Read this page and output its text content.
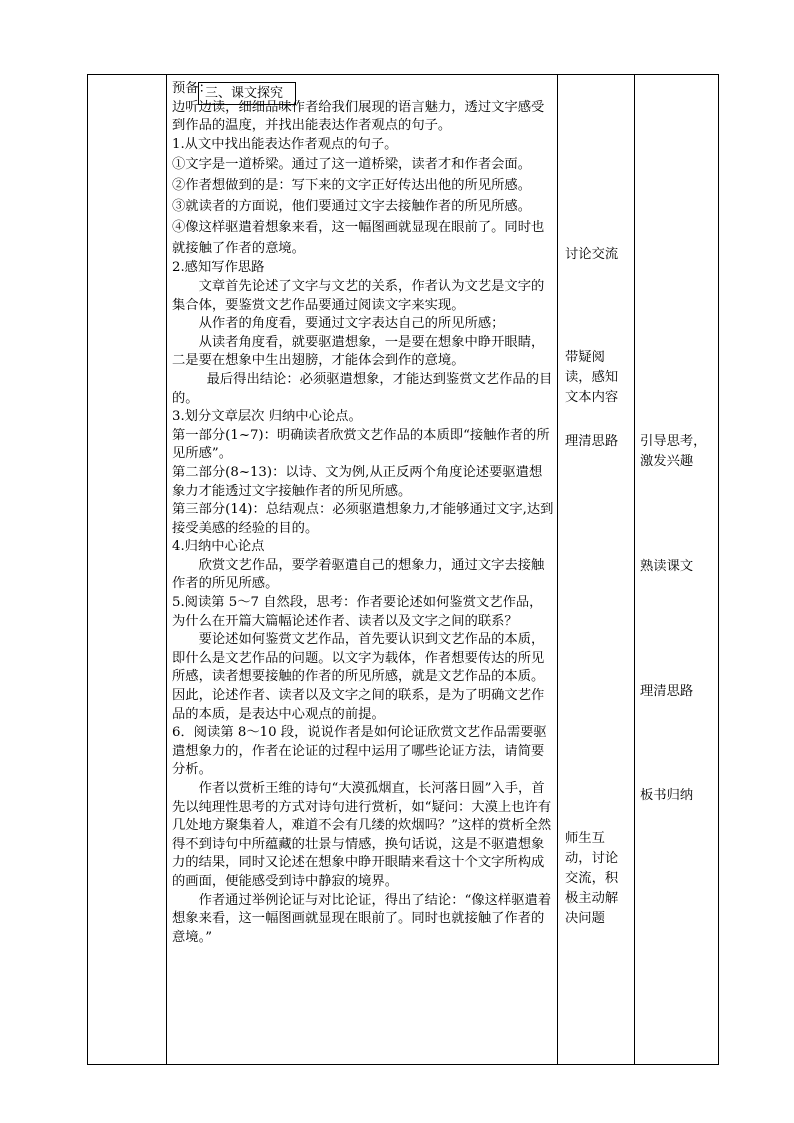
三、课文探究

预备：

边听边读，细细品味作者给我们展现的语言魅力，透过文字感受到作品的温度，并找出能表达作者观点的句子。

1.从文中找出能表达作者观点的句子。

①文字是一道桥梁。通过了这一道桥梁，读者才和作者会面。

②作者想做到的是：写下来的文字正好传达出他的所见所感。

③就读者的方面说，他们要通过文字去接触作者的所见所感。

④像这样驱遣着想象来看，这一幅图画就显现在眼前了。同时也就接触了作者的意境。

2.感知写作思路

文章首先论述了文字与文艺的关系，作者认为文艺是文字的集合体，要鉴赏文艺作品要通过阅读文字来实现。

从作者的角度看，要通过文字表达自己的所见所感；

从读者角度看，就要驱遣想象，一是要在想象中睁开眼睛，二是要在想象中生出翅膀，才能体会到作的意境。

最后得出结论：必须驱遣想象，才能达到鉴赏文艺作品的目的。

3.划分文章层次 归纳中心论点。

第一部分(1~7)：明确读者欣赏文艺作品的本质即“接触作者的所见所感”。

第二部分(8~13)：以诗、文为例,从正反两个角度论述要驱遣想象力才能透过文字接触作者的所见所感。

第三部分(14)：总结观点：必须驱遣想象力,才能够通过文字,达到接受美感的经验的目的。

4.归纳中心论点

欣赏文艺作品，要学着驱遣自己的想象力，通过文字去接触作者的所见所感。

5.阅读第 5～7 自然段，思考：作者要论述如何鉴赏文艺作品，为什么在开篇大篇幅论述作者、读者以及文字之间的联系？

要论述如何鉴赏文艺作品，首先要认识到文艺作品的本质，即什么是文艺作品的问题。以文字为载体，作者想要传达的所见所感，读者想要接触的作者的所见所感，就是文艺作品的本质。因此，论述作者、读者以及文字之间的联系，是为了明确文艺作品的本质，是表达中心观点的前提。

6．阅读第 8～10 段，说说作者是如何论证欣赏文艺作品需要驱遣想象力的，作者在论证的过程中运用了哪些论证方法，请简要分析。

作者以赏析王维的诗句“大漠孤烟直，长河落日圆”入手，首先以纯理性思考的方式对诗句进行赏析，如“疑问：大漠上也许有几处地方聚集着人，难道不会有几缕的炊烟吗？”这样的赏析全然得不到诗句中所蕴藏的壮景与情感，换句话说，这是不驱遣想象力的结果，同时又论述在想象中睁开眼睛来看这十个文字所构成的画面，便能感受到诗中静寂的境界。

作者通过举例论证与对比论证，得出了结论：“像这样驱遣着想象来看，这一幅图画就显现在眼前了。同时也就接触了作者的意境。”

讨论交流
带疑阅读，感知文本内容
理清思路
师生互动，讨论交流，积极主动解决问题
引导思考，激发兴趣
熟读课文
理清思路
板书归纳
